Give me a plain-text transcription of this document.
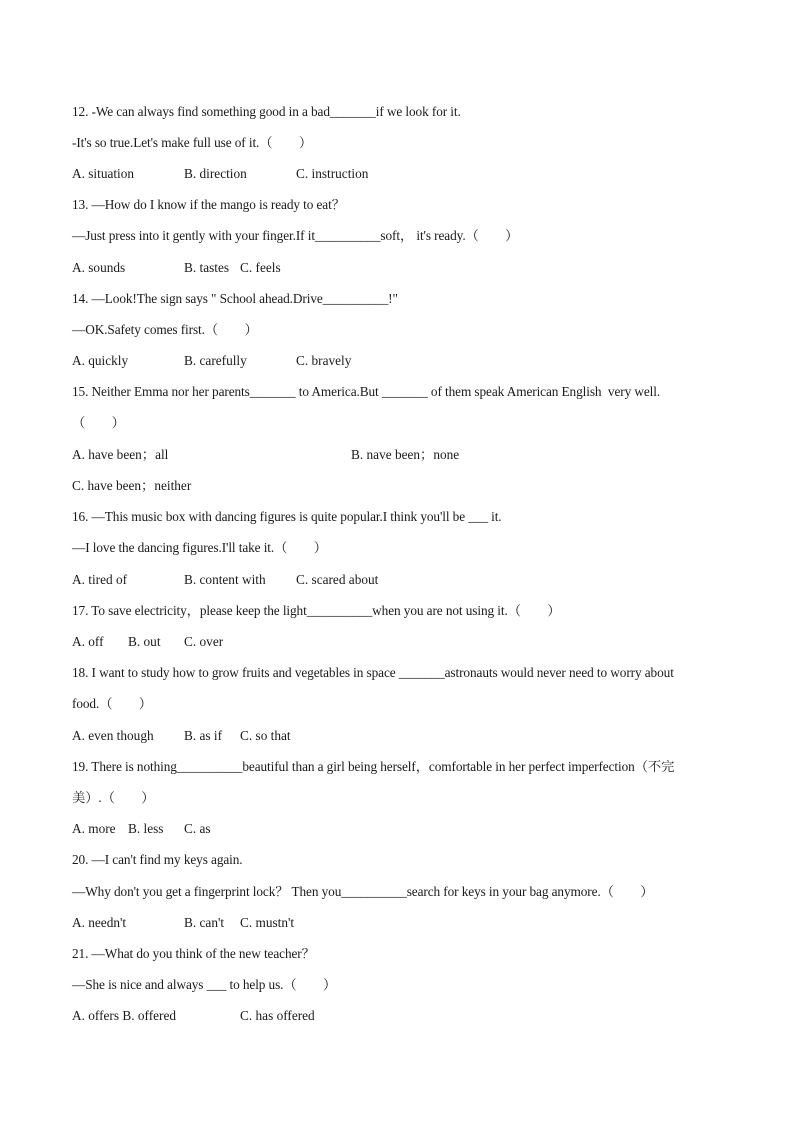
12. -We can always find something good in a bad_______if we look for it.
-It's so true.Let's make full use of it.（　　）
A. situation	B. direction	C. instruction
13. —How do I know if the mango is ready to eat？
—Just press into it gently with your finger.If it__________soft， it's ready.（　　）
A. sounds	B. tastes C. feels
14. —Look!The sign says " School ahead.Drive__________!"
—OK.Safety comes first.（　　）
A. quickly	B. carefully	C. bravely
15. Neither Emma nor her parents_______ to America.But _______ of them speak American English  very well.
（　　）
A. have been；all	B. nave been；none
C. have been；neither
16. —This music box with dancing figures is quite popular.I think you'll be ___ it.
—I love the dancing figures.I'll take it.（　　）
A. tired of	B. content with C. scared about
17. To save electricity，please keep the light__________when you are not using it.（　　）
A. off B. out C. over
18. I want to study how to grow fruits and vegetables in space _______astronauts would never need to worry about
food.（　　）
A. even though B. as if C. so that
19. There is nothing__________beautiful than a girl being herself，comfortable in her perfect imperfection（不完
美）.（　　）
A. more B. less C. as
20. —I can't find my keys again.
—Why don't you get a fingerprint lock？ Then you__________search for keys in your bag anymore.（　　）
A. needn't	B. can't C. mustn't
21. —What do you think of the new teacher？
—She is nice and always ___ to help us.（　　）
A. offers B. offered	C. has offered
